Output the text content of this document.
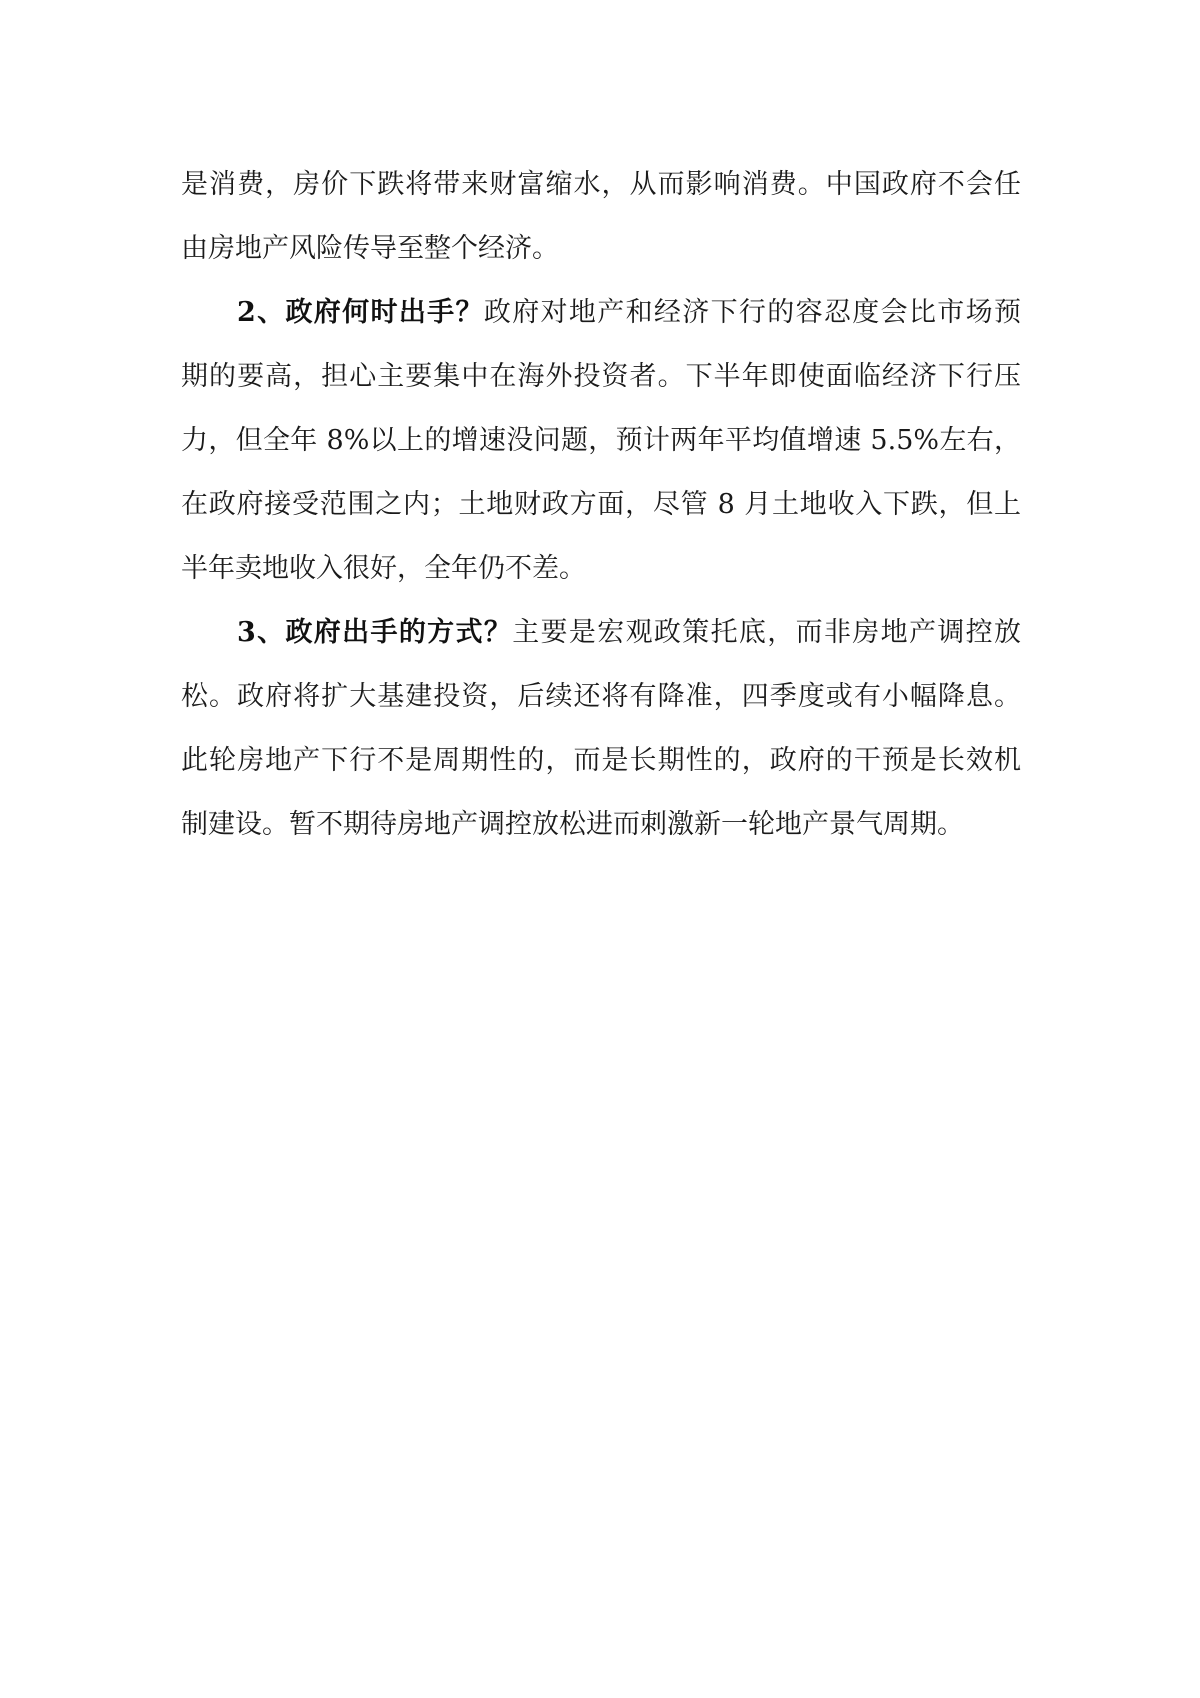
是消费，房价下跌将带来财富缩水，从而影响消费。中国政府不会任
由房地产风险传导至整个经济。

2、政府何时出手？政府对地产和经济下行的容忍度会比市场预
期的要高，担心主要集中在海外投资者。下半年即使面临经济下行压
力，但全年 8%以上的增速没问题，预计两年平均值增速 5.5%左右，
在政府接受范围之内；土地财政方面，尽管 8 月土地收入下跌，但上
半年卖地收入很好，全年仍不差。

3、政府出手的方式？主要是宏观政策托底，而非房地产调控放
松。政府将扩大基建投资，后续还将有降准，四季度或有小幅降息。
此轮房地产下行不是周期性的，而是长期性的，政府的干预是长效机
制建设。暂不期待房地产调控放松进而刺激新一轮地产景气周期。
